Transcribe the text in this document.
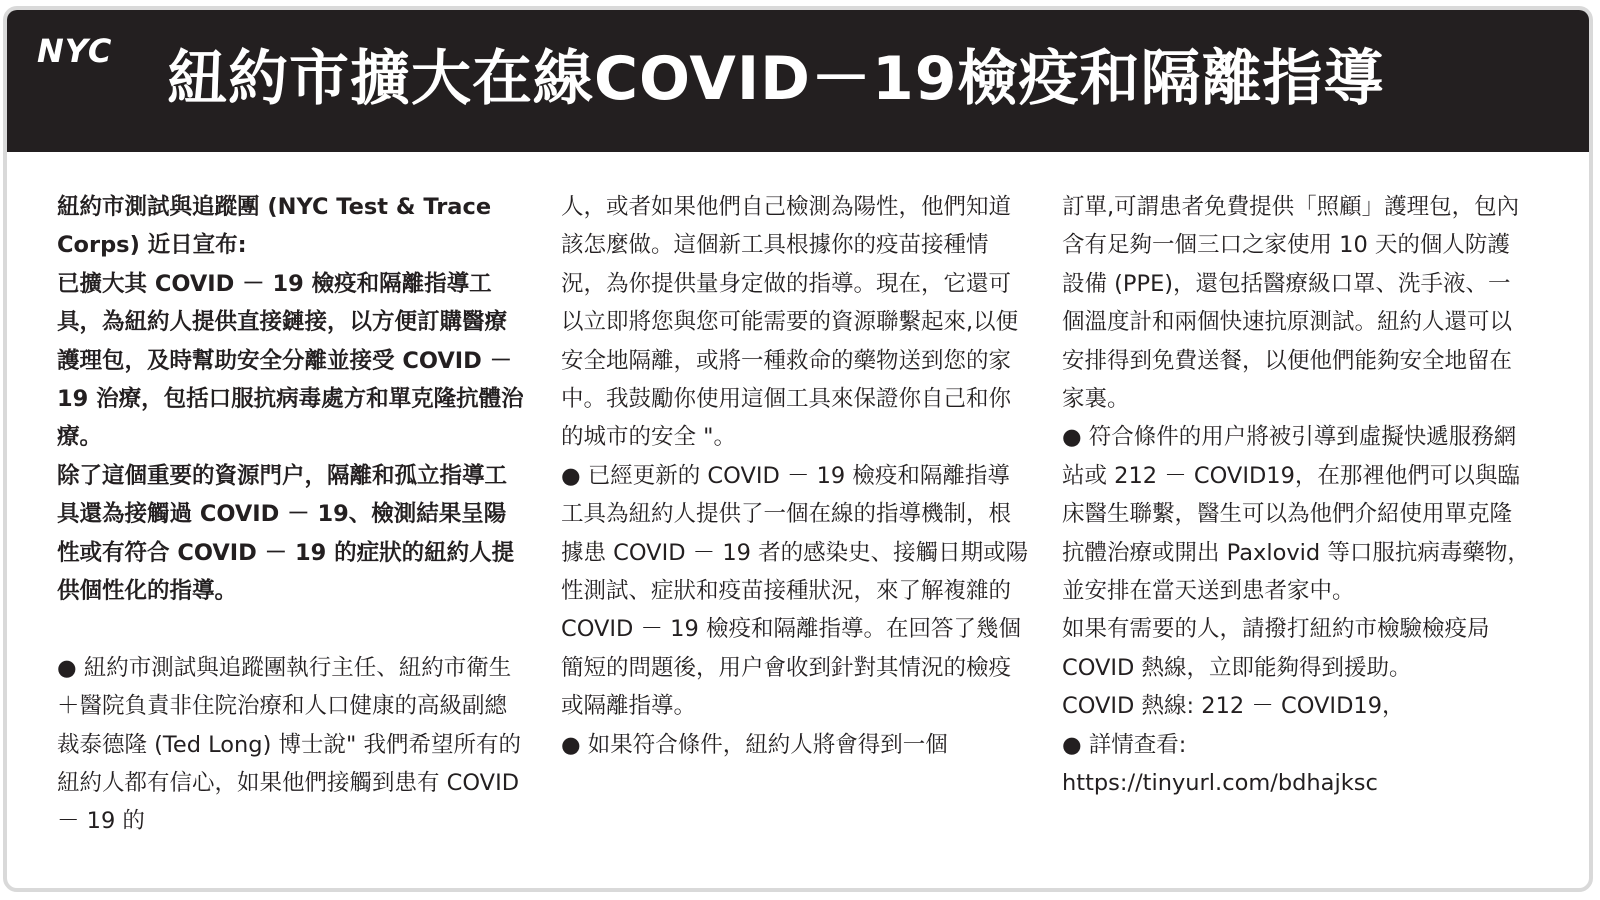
NYC 紐約市擴大在線COVID－19檢疫和隔離指導

紐約市測試與追蹤團 (NYC Test & Trace Corps) 近日宣布:

已擴大其 COVID － 19 檢疫和隔離指導工具，為紐約人提供直接鏈接，以方便訂購醫療護理包，及時幫助安全分離並接受 COVID － 19 治療，包括口服抗病毒處方和單克隆抗體治療。

除了這個重要的資源門户，隔離和孤立指導工具還為接觸過 COVID － 19、檢測結果呈陽性或有符合 COVID － 19 的症狀的紐約人提供個性化的指導。

● 紐約市測試與追蹤團執行主任、紐約市衛生＋醫院負責非住院治療和人口健康的高級副總裁泰德隆 (Ted Long) 博士說" 我們希望所有的紐約人都有信心，如果他們接觸到患有 COVID － 19 的

人，或者如果他們自己檢測為陽性，他們知道該怎麼做。這個新工具根據你的疫苗接種情況，為你提供量身定做的指導。現在，它還可以立即將您與您可能需要的資源聯繫起來,以便安全地隔離，或將一種救命的藥物送到您的家中。我鼓勵你使用這個工具來保證你自己和你的城市的安全 "。

● 已經更新的 COVID － 19 檢疫和隔離指導工具為紐約人提供了一個在線的指導機制，根據患 COVID － 19 者的感染史、接觸日期或陽性測試、症狀和疫苗接種狀況，來了解複雜的 COVID － 19 檢疫和隔離指導。在回答了幾個簡短的問題後，用户會收到針對其情況的檢疫或隔離指導。

● 如果符合條件，紐約人將會得到一個

訂單,可謂患者免費提供「照顧」護理包，包內含有足夠一個三口之家使用 10 天的個人防護設備 (PPE)，還包括醫療級口罩、洗手液、一個溫度計和兩個快速抗原測試。紐約人還可以安排得到免費送餐，以便他們能夠安全地留在家裏。

● 符合條件的用户將被引導到虛擬快遞服務網站或 212 － COVID19，在那裡他們可以與臨床醫生聯繫，醫生可以為他們介紹使用單克隆抗體治療或開出 Paxlovid 等口服抗病毒藥物，並安排在當天送到患者家中。

如果有需要的人，請撥打紐約市檢驗檢疫局 COVID 熱線，立即能夠得到援助。

COVID 熱線: 212 － COVID19，

● 詳情查看:

https://tinyurl.com/bdhajksc
